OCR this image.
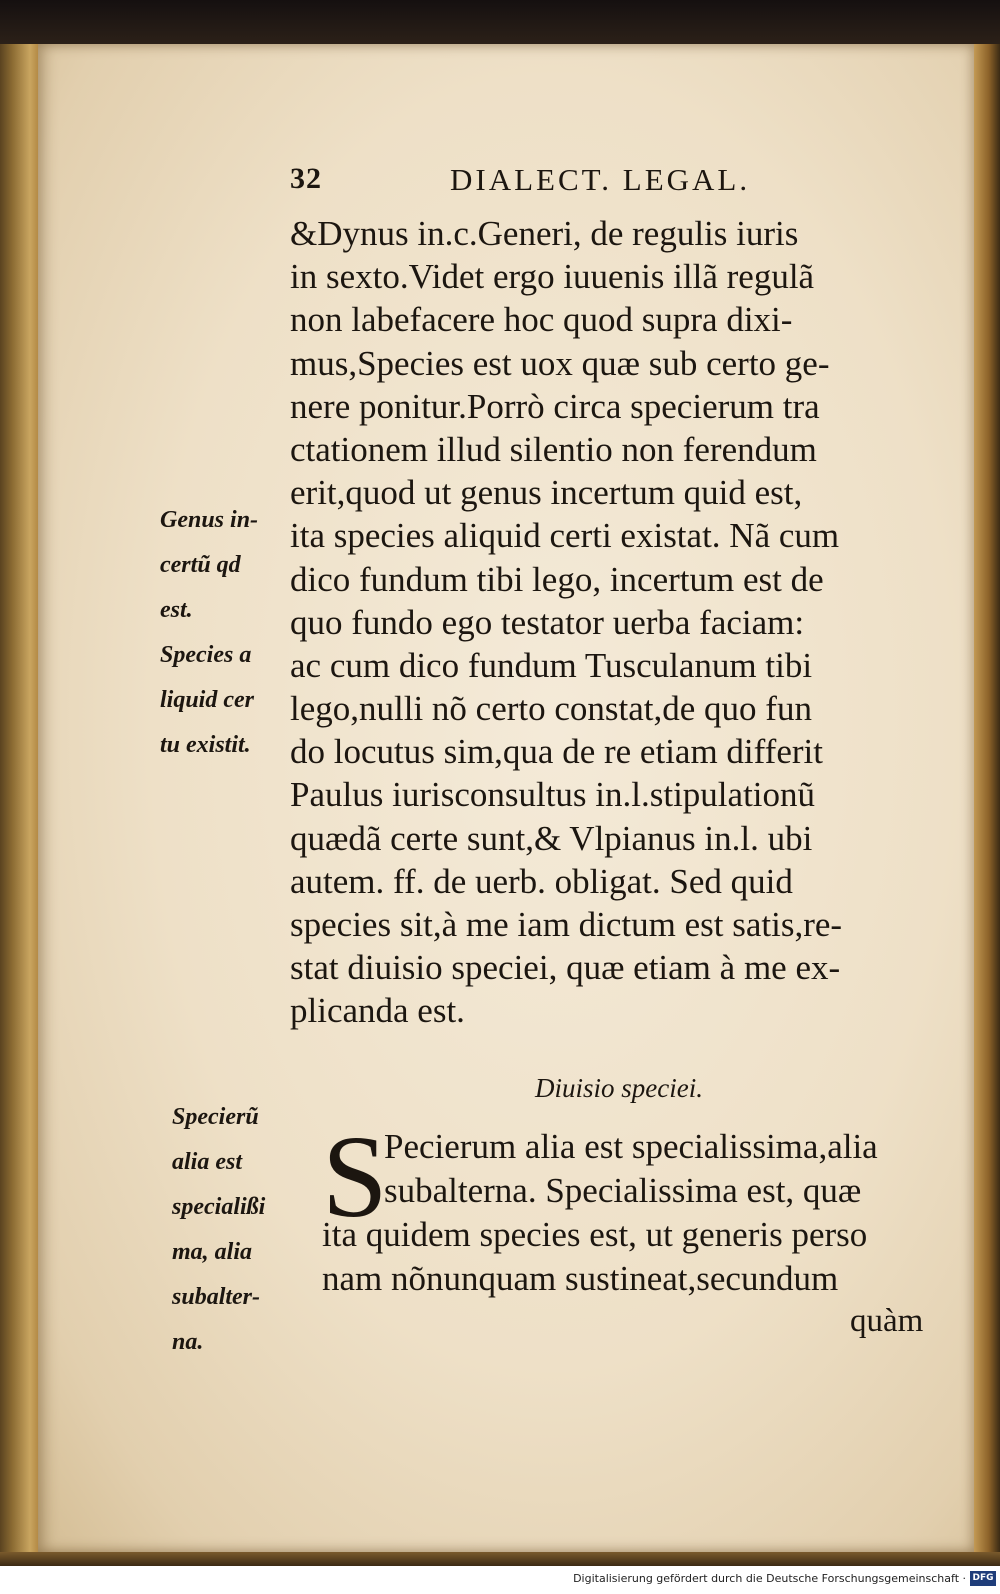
32	DIALECT. LEGAL.
Genus in-
certũ qd
est.
Species a
liquid cer
tu existit.
&Dynus in.c.Generi, de regulis iuris
in sexto.Videt ergo iuuenis illã regulã
non labefacere hoc quod supra dixi-
mus,Species est uox quæ sub certo ge-
nere ponitur.Porrò circa specierum tra
ctationem illud silentio non ferendum
erit,quod ut genus incertum quid est,
ita species aliquid certi existat. Nã cum
dico fundum tibi lego, incertum est de
quo fundo ego testator uerba faciam:
ac cum dico fundum Tusculanum tibi
lego,nulli nõ certo constat,de quo fun
do locutus sim,qua de re etiam differit
Paulus iurisconsultus in.l.stipulationũ
quædã certe sunt,& Vlpianus in.l. ubi
autem. ff. de uerb. obligat. Sed quid
species sit,à me iam dictum est satis,re-
stat diuisio speciei, quæ etiam à me ex-
plicanda est.
Diuisio speciei.
Specierũ
alia est
specialißi
ma, alia
subalter-
na.
S
Pecierum alia est specialissima,alia
subalterna. Specialissima est, quæ
ita quidem species est, ut generis perso
nam nõnunquam sustineat,secundum
quàm
Digitalisierung gefördert durch die Deutsche Forschungsgemeinschaft · DFG
